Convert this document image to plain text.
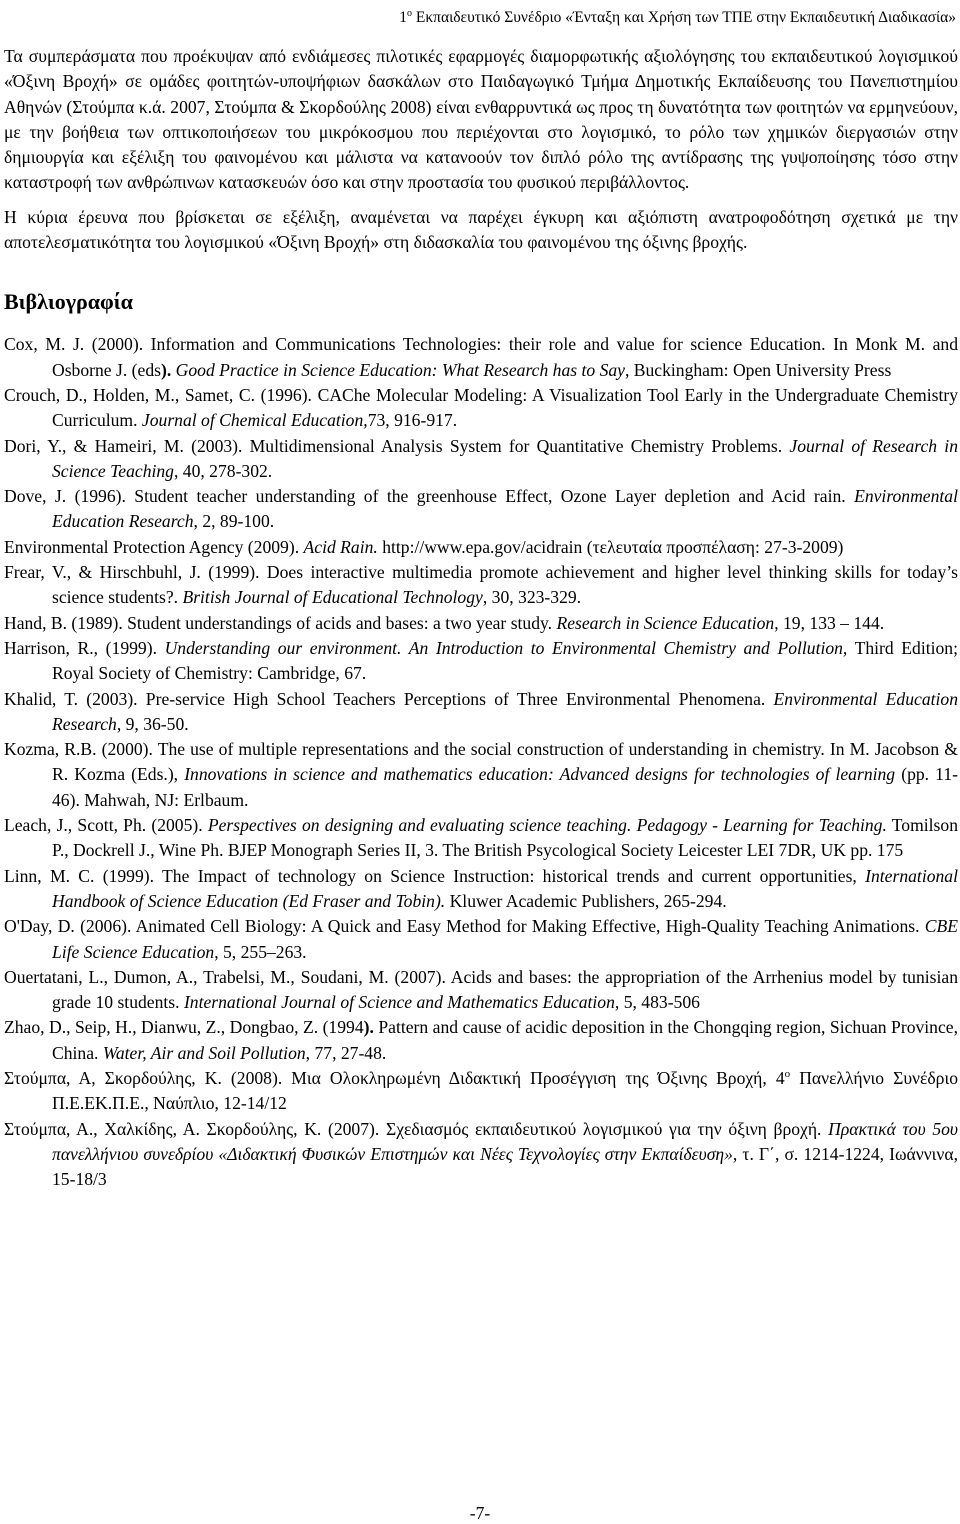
$1^o$ Εκπαιδευτικό Συνέδριο «Ένταξη και Χρήση των ΤΠΕ στην Εκπαιδευτική Διαδικασία»

Τα συμπεράσματα που προέκυψαν από ενδιάμεσες πιλοτικές εφαρμογές διαμορφωτικής αξιολόγησης του εκπαιδευτικού λογισμικού «Όξινη Βροχή» σε ομάδες φοιτητών-υποψήφιων δασκάλων στο Παιδαγωγικό Τμήμα Δημοτικής Εκπαίδευσης του Πανεπιστημίου Αθηνών (Στούμπα κ.ά. 2007, Στούμπα & Σκορδούλης 2008) είναι ενθαρρυντικά ως προς τη δυνατότητα των φοιτητών να ερμηνεύουν, με την βοήθεια των οπτικοποιήσεων του μικρόκοσμου που περιέχονται στο λογισμικό, το ρόλο των χημικών διεργασιών στην δημιουργία και εξέλιξη του φαινομένου και μάλιστα να κατανοούν τον διπλό ρόλο της αντίδρασης της γυψοποίησης τόσο στην καταστροφή των ανθρώπινων κατασκευών όσο και στην προστασία του φυσικού περιβάλλοντος.

Η κύρια έρευνα που βρίσκεται σε εξέλιξη, αναμένεται να παρέχει έγκυρη και αξιόπιστη ανατροφοδότηση σχετικά με την αποτελεσματικότητα του λογισμικού «Όξινη Βροχή» στη διδασκαλία του φαινομένου της όξινης βροχής.

Βιβλιογραφία

Cox, M. J. (2000). Information and Communications Technologies: their role and value for science Education. In Monk M. and Osborne J. (eds). Good Practice in Science Education: What Research has to Say, Buckingham: Open University Press

Crouch, D., Holden, M., Samet, C. (1996). CAChe Molecular Modeling: A Visualization Tool Early in the Undergraduate Chemistry Curriculum. Journal of Chemical Education,73, 916-917.

Dori, Y., & Hameiri, M. (2003). Multidimensional Analysis System for Quantitative Chemistry Problems. Journal of Research in Science Teaching, 40, 278-302.

Dove, J. (1996). Student teacher understanding of the greenhouse Effect, Ozone Layer depletion and Acid rain. Environmental Education Research, 2, 89-100.

Environmental Protection Agency (2009). Acid Rain. http://www.epa.gov/acidrain (τελευταία προσπέλαση: 27-3-2009)

Frear, V., & Hirschbuhl, J. (1999). Does interactive multimedia promote achievement and higher level thinking skills for today’s science students?. British Journal of Educational Technology, 30, 323-329.

Hand, B. (1989). Student understandings of acids and bases: a two year study. Research in Science Education, 19, 133 – 144.

Harrison, R., (1999). Understanding our environment. An Introduction to Environmental Chemistry and Pollution, Third Edition; Royal Society of Chemistry: Cambridge, 67.

Khalid, T. (2003). Pre-service High School Teachers Perceptions of Three Environmental Phenomena. Environmental Education Research, 9, 36-50.

Kozma, R.B. (2000). The use of multiple representations and the social construction of understanding in chemistry. In M. Jacobson & R. Kozma (Eds.), Innovations in science and mathematics education: Advanced designs for technologies of learning (pp. 11-46). Mahwah, NJ: Erlbaum.

Leach, J., Scott, Ph. (2005). Perspectives on designing and evaluating science teaching. Pedagogy - Learning for Teaching. Tomilson P., Dockrell J., Wine Ph. BJEP Monograph Series II, 3. The British Psycological Society Leicester LEI 7DR, UK pp. 175

Linn, M. C. (1999). The Impact of technology on Science Instruction: historical trends and current opportunities, International Handbook of Science Education (Ed Fraser and Tobin). Kluwer Academic Publishers, 265-294.

O'Day, D. (2006). Animated Cell Biology: A Quick and Easy Method for Making Effective, High-Quality Teaching Animations. CBE Life Science Education, 5, 255–263.

Ouertatani, L., Dumon, A., Trabelsi, M., Soudani, M. (2007). Acids and bases: the appropriation of the Arrhenius model by tunisian grade 10 students. International Journal of Science and Mathematics Education, 5, 483-506

Zhao, D., Seip, H., Dianwu, Z., Dongbao, Z. (1994). Pattern and cause of acidic deposition in the Chongqing region, Sichuan Province, China. Water, Air and Soil Pollution, 77, 27-48.

Στούμπα, Α, Σκορδούλης, Κ. (2008). Μια Ολοκληρωμένη Διδακτική Προσέγγιση της Όξινης Βροχή, $4^o$ Πανελλήνιο Συνέδριο Π.Ε.ΕΚ.Π.Ε., Ναύπλιο, 12-14/12

Στούμπα, Α., Χαλκίδης, Α. Σκορδούλης, Κ. (2007). Σχεδιασμός εκπαιδευτικού λογισμικού για την όξινη βροχή. Πρακτικά του 5ου πανελλήνιου συνεδρίου «Διδακτική Φυσικών Επιστημών και Νέες Τεχνολογίες στην Εκπαίδευση», τ. Γ΄, σ. 1214-1224, Ιωάννινα, 15-18/3

-7-
